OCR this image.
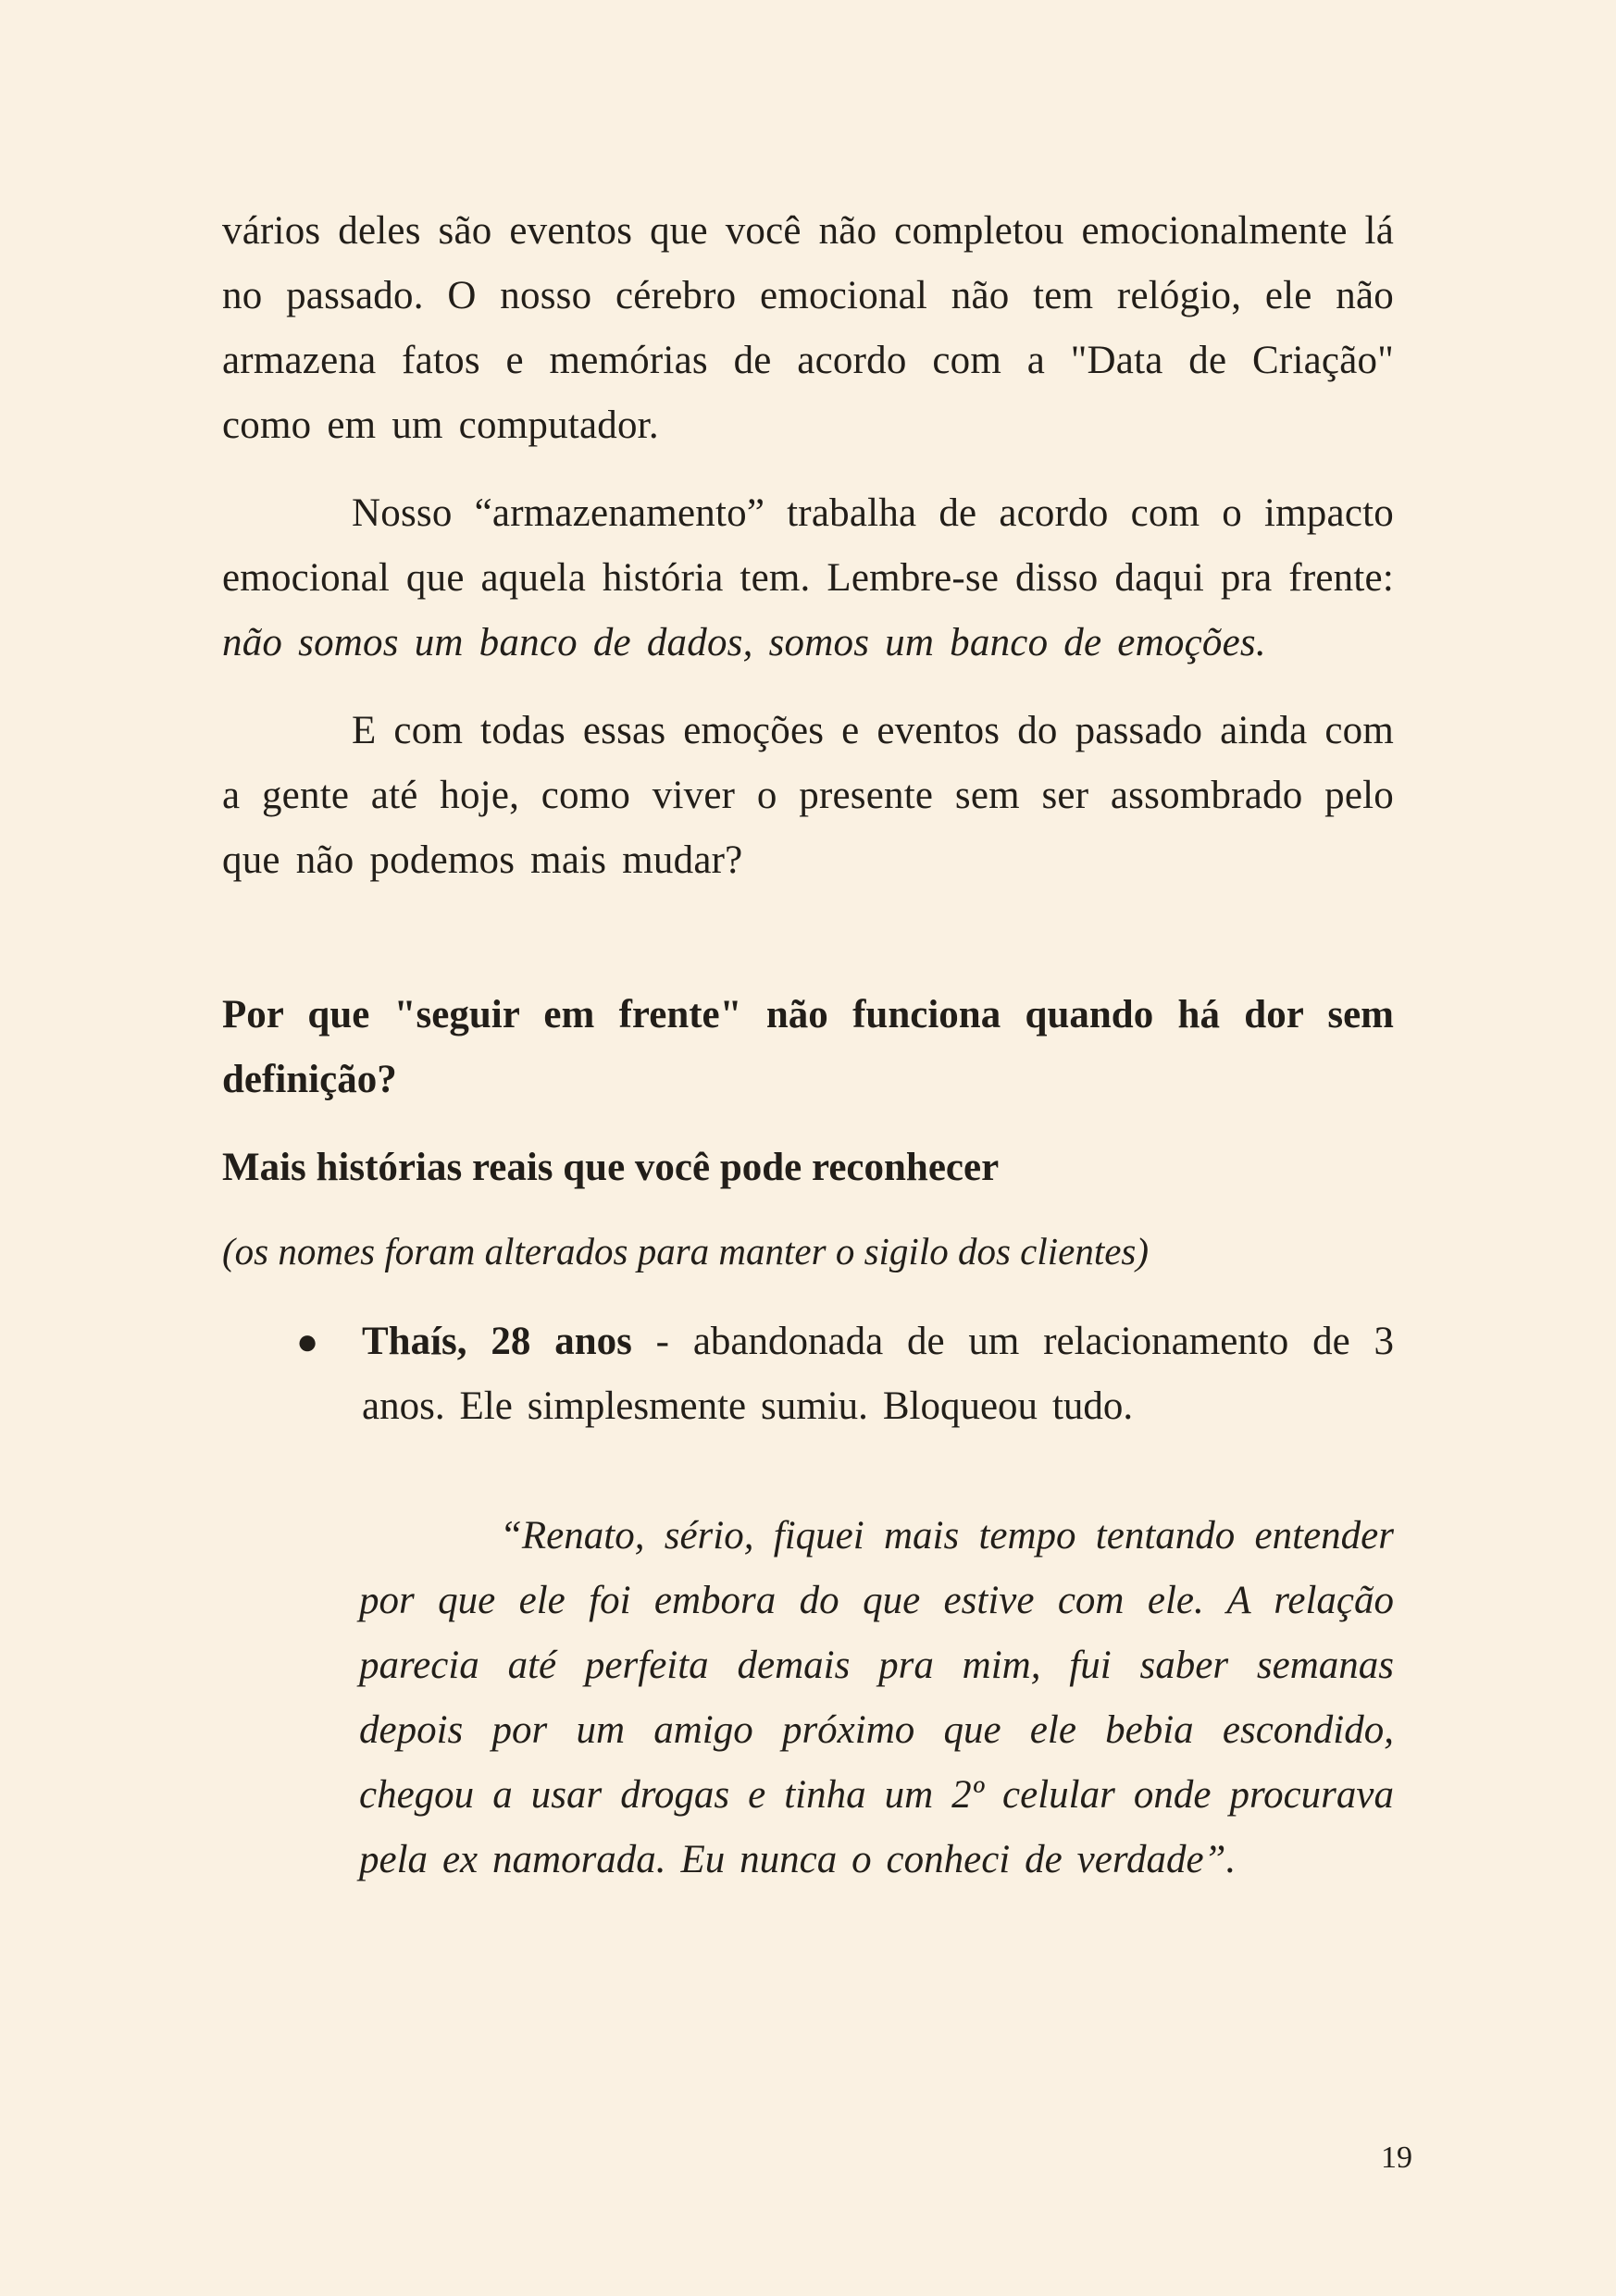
vários deles são eventos que você não completou emocionalmente lá no passado. O nosso cérebro emocional não tem relógio, ele não armazena fatos e memórias de acordo com a "Data de Criação" como em um computador.

Nosso “armazenamento” trabalha de acordo com o impacto emocional que aquela história tem. Lembre-se disso daqui pra frente: não somos um banco de dados, somos um banco de emoções.

E com todas essas emoções e eventos do passado ainda com a gente até hoje, como viver o presente sem ser assombrado pelo que não podemos mais mudar?

Por que "seguir em frente" não funciona quando há dor sem definição?

Mais histórias reais que você pode reconhecer

(os nomes foram alterados para manter o sigilo dos clientes)

●	Thaís, 28 anos - abandonada de um relacionamento de 3 anos. Ele simplesmente sumiu. Bloqueou tudo.

“Renato, sério, fiquei mais tempo tentando entender por que ele foi embora do que estive com ele. A relação parecia até perfeita demais pra mim, fui saber semanas depois por um amigo próximo que ele bebia escondido, chegou a usar drogas e tinha um 2º celular onde procurava pela ex namorada. Eu nunca o conheci de verdade”.

19
